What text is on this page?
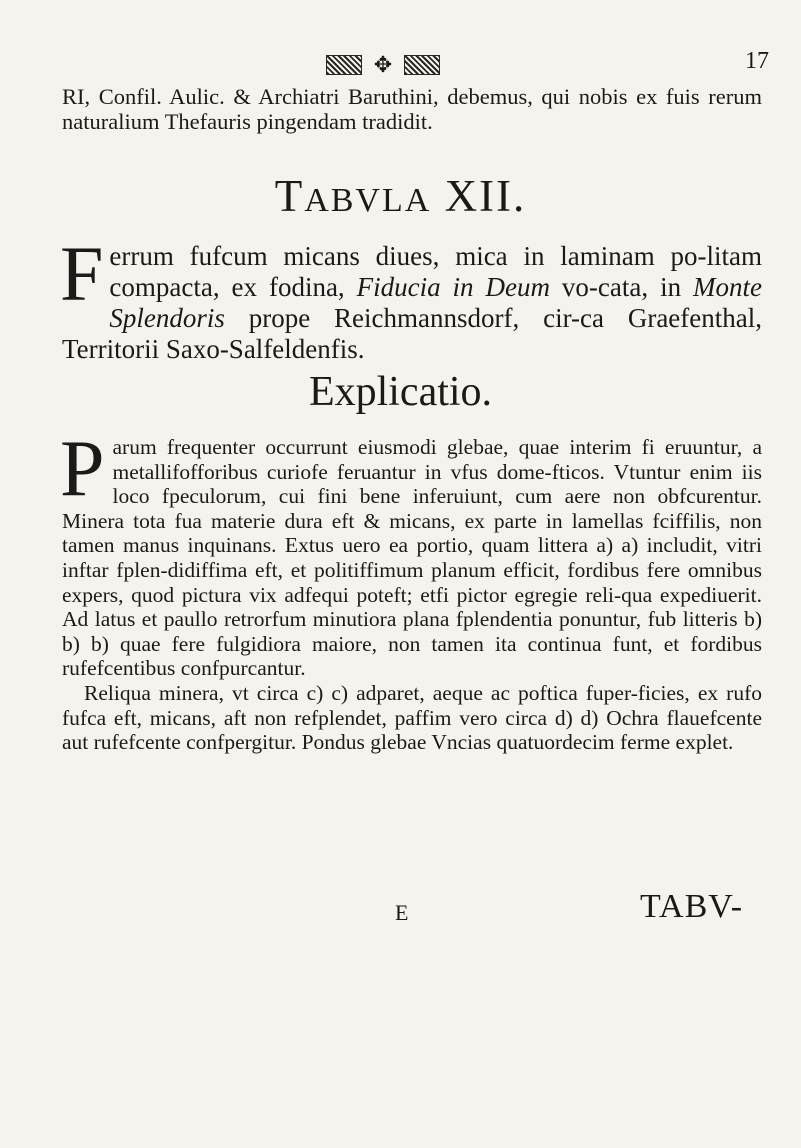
✥	17
RI, Confil. Aulic. & Archiatri Baruthini, debemus, qui nobis ex fuis rerum naturalium Thefauris pingendam tradidit.
TABVLA XII.
Ferrum fufcum micans diues, mica in laminam po-litam compacta, ex fodina, Fiducia in Deum vo-cata, in Monte Splendoris prope Reichmannsdorf, cir-ca Graefenthal, Territorii Saxo-Salfeldenfis.
Explicatio.

Parum frequenter occurrunt eiusmodi glebae, quae interim fi eruuntur, a metallifofforibus curiofe feruantur in vfus dome-fticos. Vtuntur enim iis loco fpeculorum, cui fini bene inferuiunt, cum aere non obfcurentur. Minera tota fua materie dura eft & micans, ex parte in lamellas fciffilis, non tamen manus inquinans. Extus uero ea portio, quam littera a) a) includit, vitri inftar fplen-didiffima eft, et politiffimum planum efficit, fordibus fere omnibus expers, quod pictura vix adfequi poteft; etfi pictor egregie reli-qua expediuerit. Ad latus et paullo retrorfum minutiora plana fplendentia ponuntur, fub litteris b) b) b) quae fere fulgidiora maiore, non tamen ita continua funt, et fordibus rufefcentibus confpurcantur.

Reliqua minera, vt circa c) c) adparet, aeque ac poftica fuper-ficies, ex rufo fufca eft, micans, aft non refplendet, paffim vero circa d) d) Ochra flauefcente aut rufefcente confpergitur. Pondus glebae Vncias quatuordecim ferme explet.

E	TABV-
